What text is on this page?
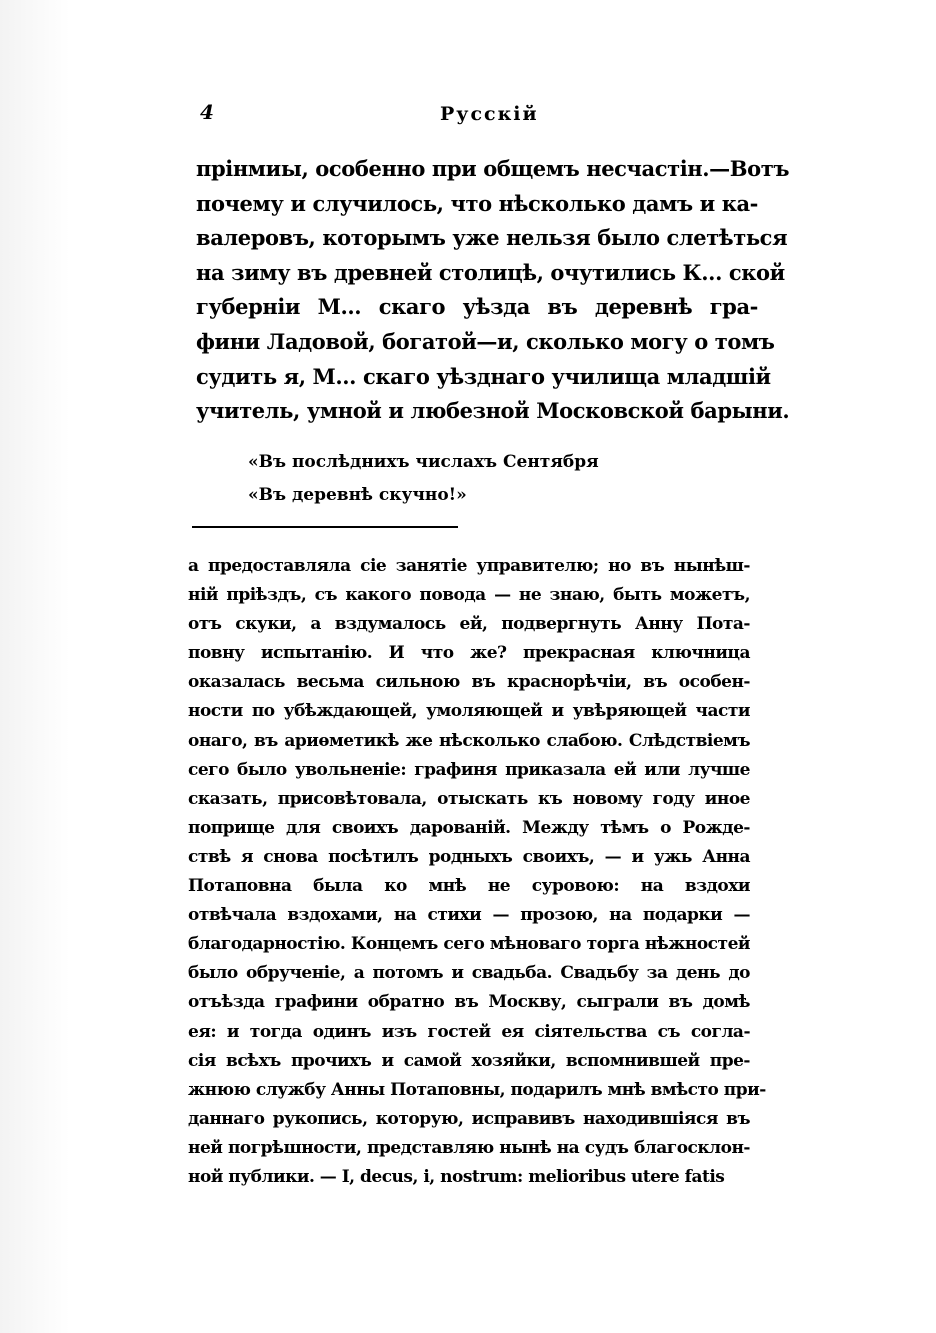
4	Русскій
прінмиы, особенно при общемъ несчастін.—Вотъ
почему и случилось, что нѣсколько дамъ и ка-
валеровъ, которымъ уже нельзя было слетѣться
на зиму въ древней столицѣ, очутились К... ской
губерніи М... скаго уѣзда въ деревнѣ гра-
фини Ладовой, богатой—и, сколько могу о томъ
судить я, М... скаго уѣзднаго училища младшій
учитель, умной и любезной Московской барыни.
«Въ послѣднихъ числахъ Сентября
«Въ деревнѣ скучно!»
а предоставляла сіе занятіе управителю; но въ нынѣш-
ній пріѣздъ, съ какого повода — не знаю, быть можетъ,
отъ скуки, а вздумалось ей, подвергнуть Анну Пота-
повну испытанію. И что же? прекрасная ключница
оказалась весьма сильною въ краснорѣчіи, въ особен-
ности по убѣждающей, умоляющей и увѣряющей части
онаго, въ ариѳметикѣ же нѣсколько слабою. Слѣдствіемъ
сего было увольненіе: графиня приказала ей или лучше
сказать, присовѣтовала, отыскать къ новому году иное
поприще для своихъ дарованій. Между тѣмъ о Рожде-
ствѣ я снова посѣтилъ родныхъ своихъ, — и ужь Анна
Потаповна была ко мнѣ не суровою: на вздохи
отвѣчала вздохами, на стихи — прозою, на подарки —
благодарностію. Концемъ сего мѣноваго торга нѣжностей
было обрученіе, а потомъ и свадьба. Свадьбу за день до
отъѣзда графини обратно въ Москву, сыграли въ домѣ
ея: и тогда одинъ изъ гостей ея сіятельства съ согла-
сія всѣхъ прочихъ и самой хозяйки, вспомнившей пре-
жнюю службу Анны Потаповны, подарилъ мнѣ вмѣсто при-
даннаго рукопись, которую, исправивъ находившіяся въ
ней погрѣшности, представляю нынѣ на судъ благосклон-
ной публики. — I, decus, i, nostrum: melioribus utere fatis
